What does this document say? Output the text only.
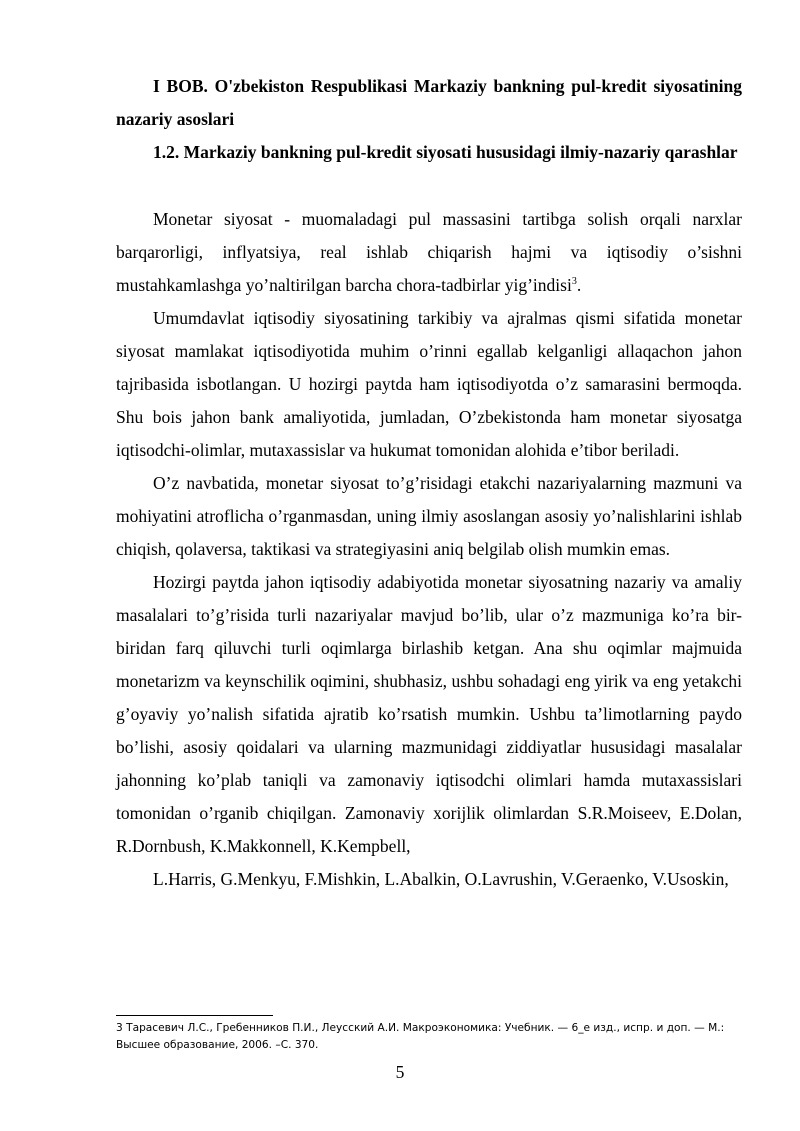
I BOB. O'zbekiston Respublikasi Markaziy bankning pul-kredit siyosatining nazariy asoslari

1.2. Markaziy bankning pul-kredit siyosati hususidagi ilmiy-nazariy qarashlar

Monetar siyosat - muomaladagi pul massasini tartibga solish orqali narxlar barqarorligi, inflyatsiya, real ishlab chiqarish hajmi va iqtisodiy o’sishni mustahkamlashga yo’naltirilgan barcha chora-tadbirlar yig’indisi$^3$.

Umumdavlat iqtisodiy siyosatining tarkibiy va ajralmas qismi sifatida monetar siyosat mamlakat iqtisodiyotida muhim o’rinni egallab kelganligi allaqachon jahon tajribasida isbotlangan. U hozirgi paytda ham iqtisodiyotda o’z samarasini bermoqda. Shu bois jahon bank amaliyotida, jumladan, O’zbekistonda ham monetar siyosatga iqtisodchi-olimlar, mutaxassislar va hukumat tomonidan alohida e’tibor beriladi.

O’z navbatida, monetar siyosat to’g’risidagi etakchi nazariyalarning mazmuni va mohiyatini atroflicha o’rganmasdan, uning ilmiy asoslangan asosiy yo’nalishlarini ishlab chiqish, qolaversa, taktikasi va strategiyasini aniq belgilab olish mumkin emas.

Hozirgi paytda jahon iqtisodiy adabiyotida monetar siyosatning nazariy va amaliy masalalari to’g’risida turli nazariyalar mavjud bo’lib, ular o’z mazmuniga ko’ra bir-biridan farq qiluvchi turli oqimlarga birlashib ketgan. Ana shu oqimlar majmuida monetarizm va keynschilik oqimini, shubhasiz, ushbu sohadagi eng yirik va eng yetakchi g’oyaviy yo’nalish sifatida ajratib ko’rsatish mumkin. Ushbu ta’limotlarning paydo bo’lishi, asosiy qoidalari va ularning mazmunidagi ziddiyatlar hususidagi masalalar jahonning ko’plab taniqli va zamonaviy iqtisodchi olimlari hamda mutaxassislari tomonidan o’rganib chiqilgan. Zamonaviy xorijlik olimlardan S.R.Moiseev, E.Dolan, R.Dornbush, K.Makkonnell, K.Kempbell,

L.Harris, G.Menkyu, F.Mishkin, L.Abalkin, O.Lavrushin, V.Geraenko, V.Usoskin,

3 Тарасевич Л.С., Гребенников П.И., Леусский А.И. Макроэкономика: Учебник. — 6_е изд., испр. и доп. — М.: Высшее образование, 2006. –С. 370.

5
